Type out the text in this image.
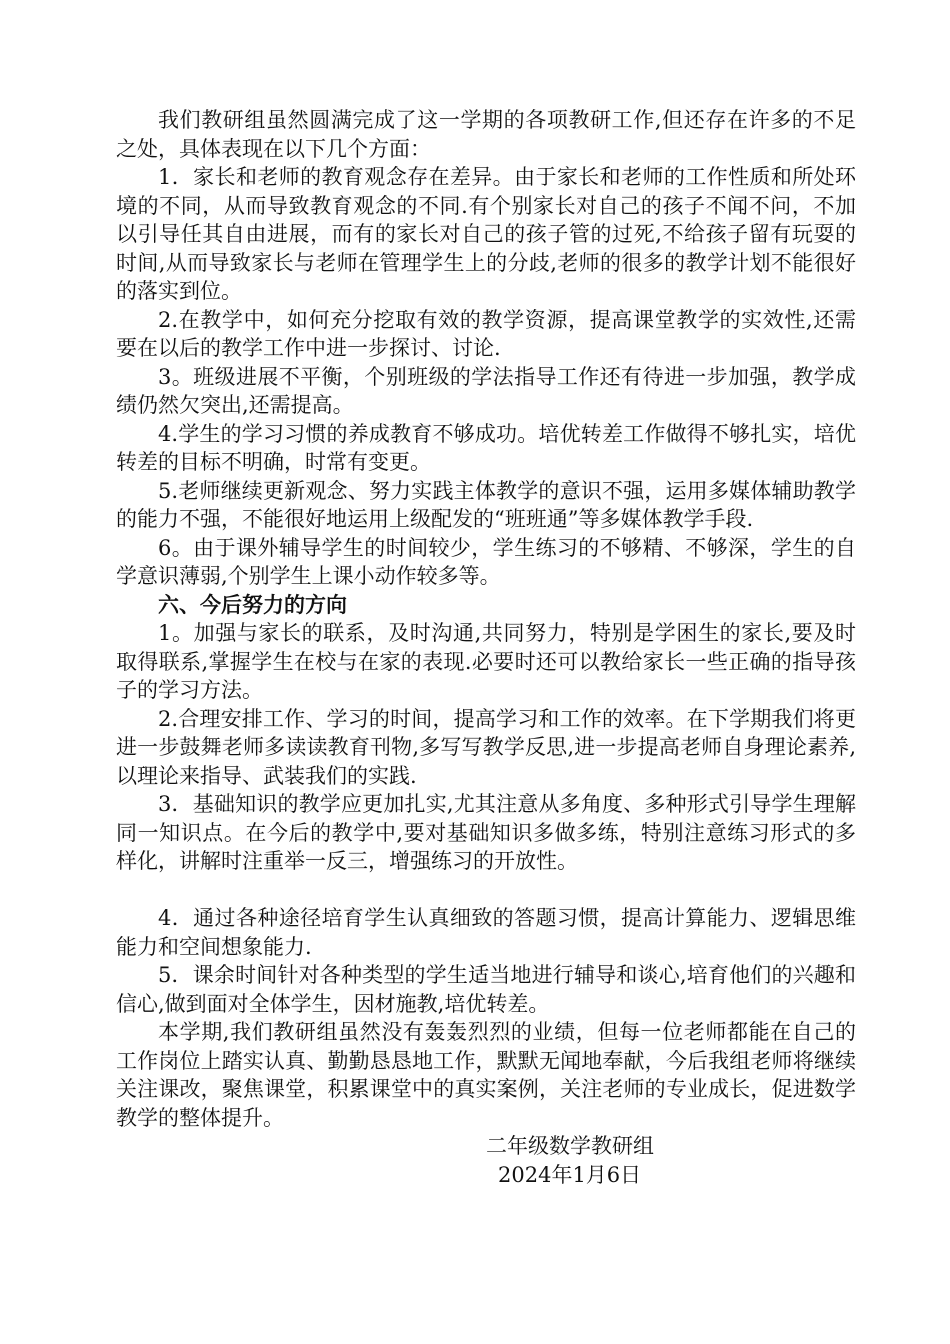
我们教研组虽然圆满完成了这一学期的各项教研工作,但还存在许多的不足之处，具体表现在以下几个方面：

1．家长和老师的教育观念存在差异。由于家长和老师的工作性质和所处环境的不同，从而导致教育观念的不同.有个别家长对自己的孩子不闻不问，不加以引导任其自由进展，而有的家长对自己的孩子管的过死,不给孩子留有玩耍的时间,从而导致家长与老师在管理学生上的分歧,老师的很多的教学计划不能很好的落实到位。

2.在教学中，如何充分挖取有效的教学资源，提高课堂教学的实效性,还需要在以后的教学工作中进一步探讨、讨论.

3。班级进展不平衡，个别班级的学法指导工作还有待进一步加强，教学成绩仍然欠突出,还需提高。

4.学生的学习习惯的养成教育不够成功。培优转差工作做得不够扎实，培优转差的目标不明确，时常有变更。

5.老师继续更新观念、努力实践主体教学的意识不强，运用多媒体辅助教学的能力不强，不能很好地运用上级配发的“班班通”等多媒体教学手段.

6。由于课外辅导学生的时间较少，学生练习的不够精、不够深，学生的自学意识薄弱,个别学生上课小动作较多等。

六、今后努力的方向

1。加强与家长的联系，及时沟通,共同努力，特别是学困生的家长,要及时取得联系,掌握学生在校与在家的表现.必要时还可以教给家长一些正确的指导孩子的学习方法。

2.合理安排工作、学习的时间，提高学习和工作的效率。在下学期我们将更进一步鼓舞老师多读读教育刊物,多写写教学反思,进一步提高老师自身理论素养,以理论来指导、武装我们的实践.

3．基础知识的教学应更加扎实,尤其注意从多角度、多种形式引导学生理解同一知识点。在今后的教学中,要对基础知识多做多练，特别注意练习形式的多样化，讲解时注重举一反三，增强练习的开放性。

4．通过各种途径培育学生认真细致的答题习惯，提高计算能力、逻辑思维能力和空间想象能力.

5．课余时间针对各种类型的学生适当地进行辅导和谈心,培育他们的兴趣和信心,做到面对全体学生，因材施教,培优转差。

本学期,我们教研组虽然没有轰轰烈烈的业绩，但每一位老师都能在自己的工作岗位上踏实认真、勤勤恳恳地工作，默默无闻地奉献，今后我组老师将继续关注课改，聚焦课堂，积累课堂中的真实案例，关注老师的专业成长，促进数学教学的整体提升。

二年级数学教研组

2024年1月6日
